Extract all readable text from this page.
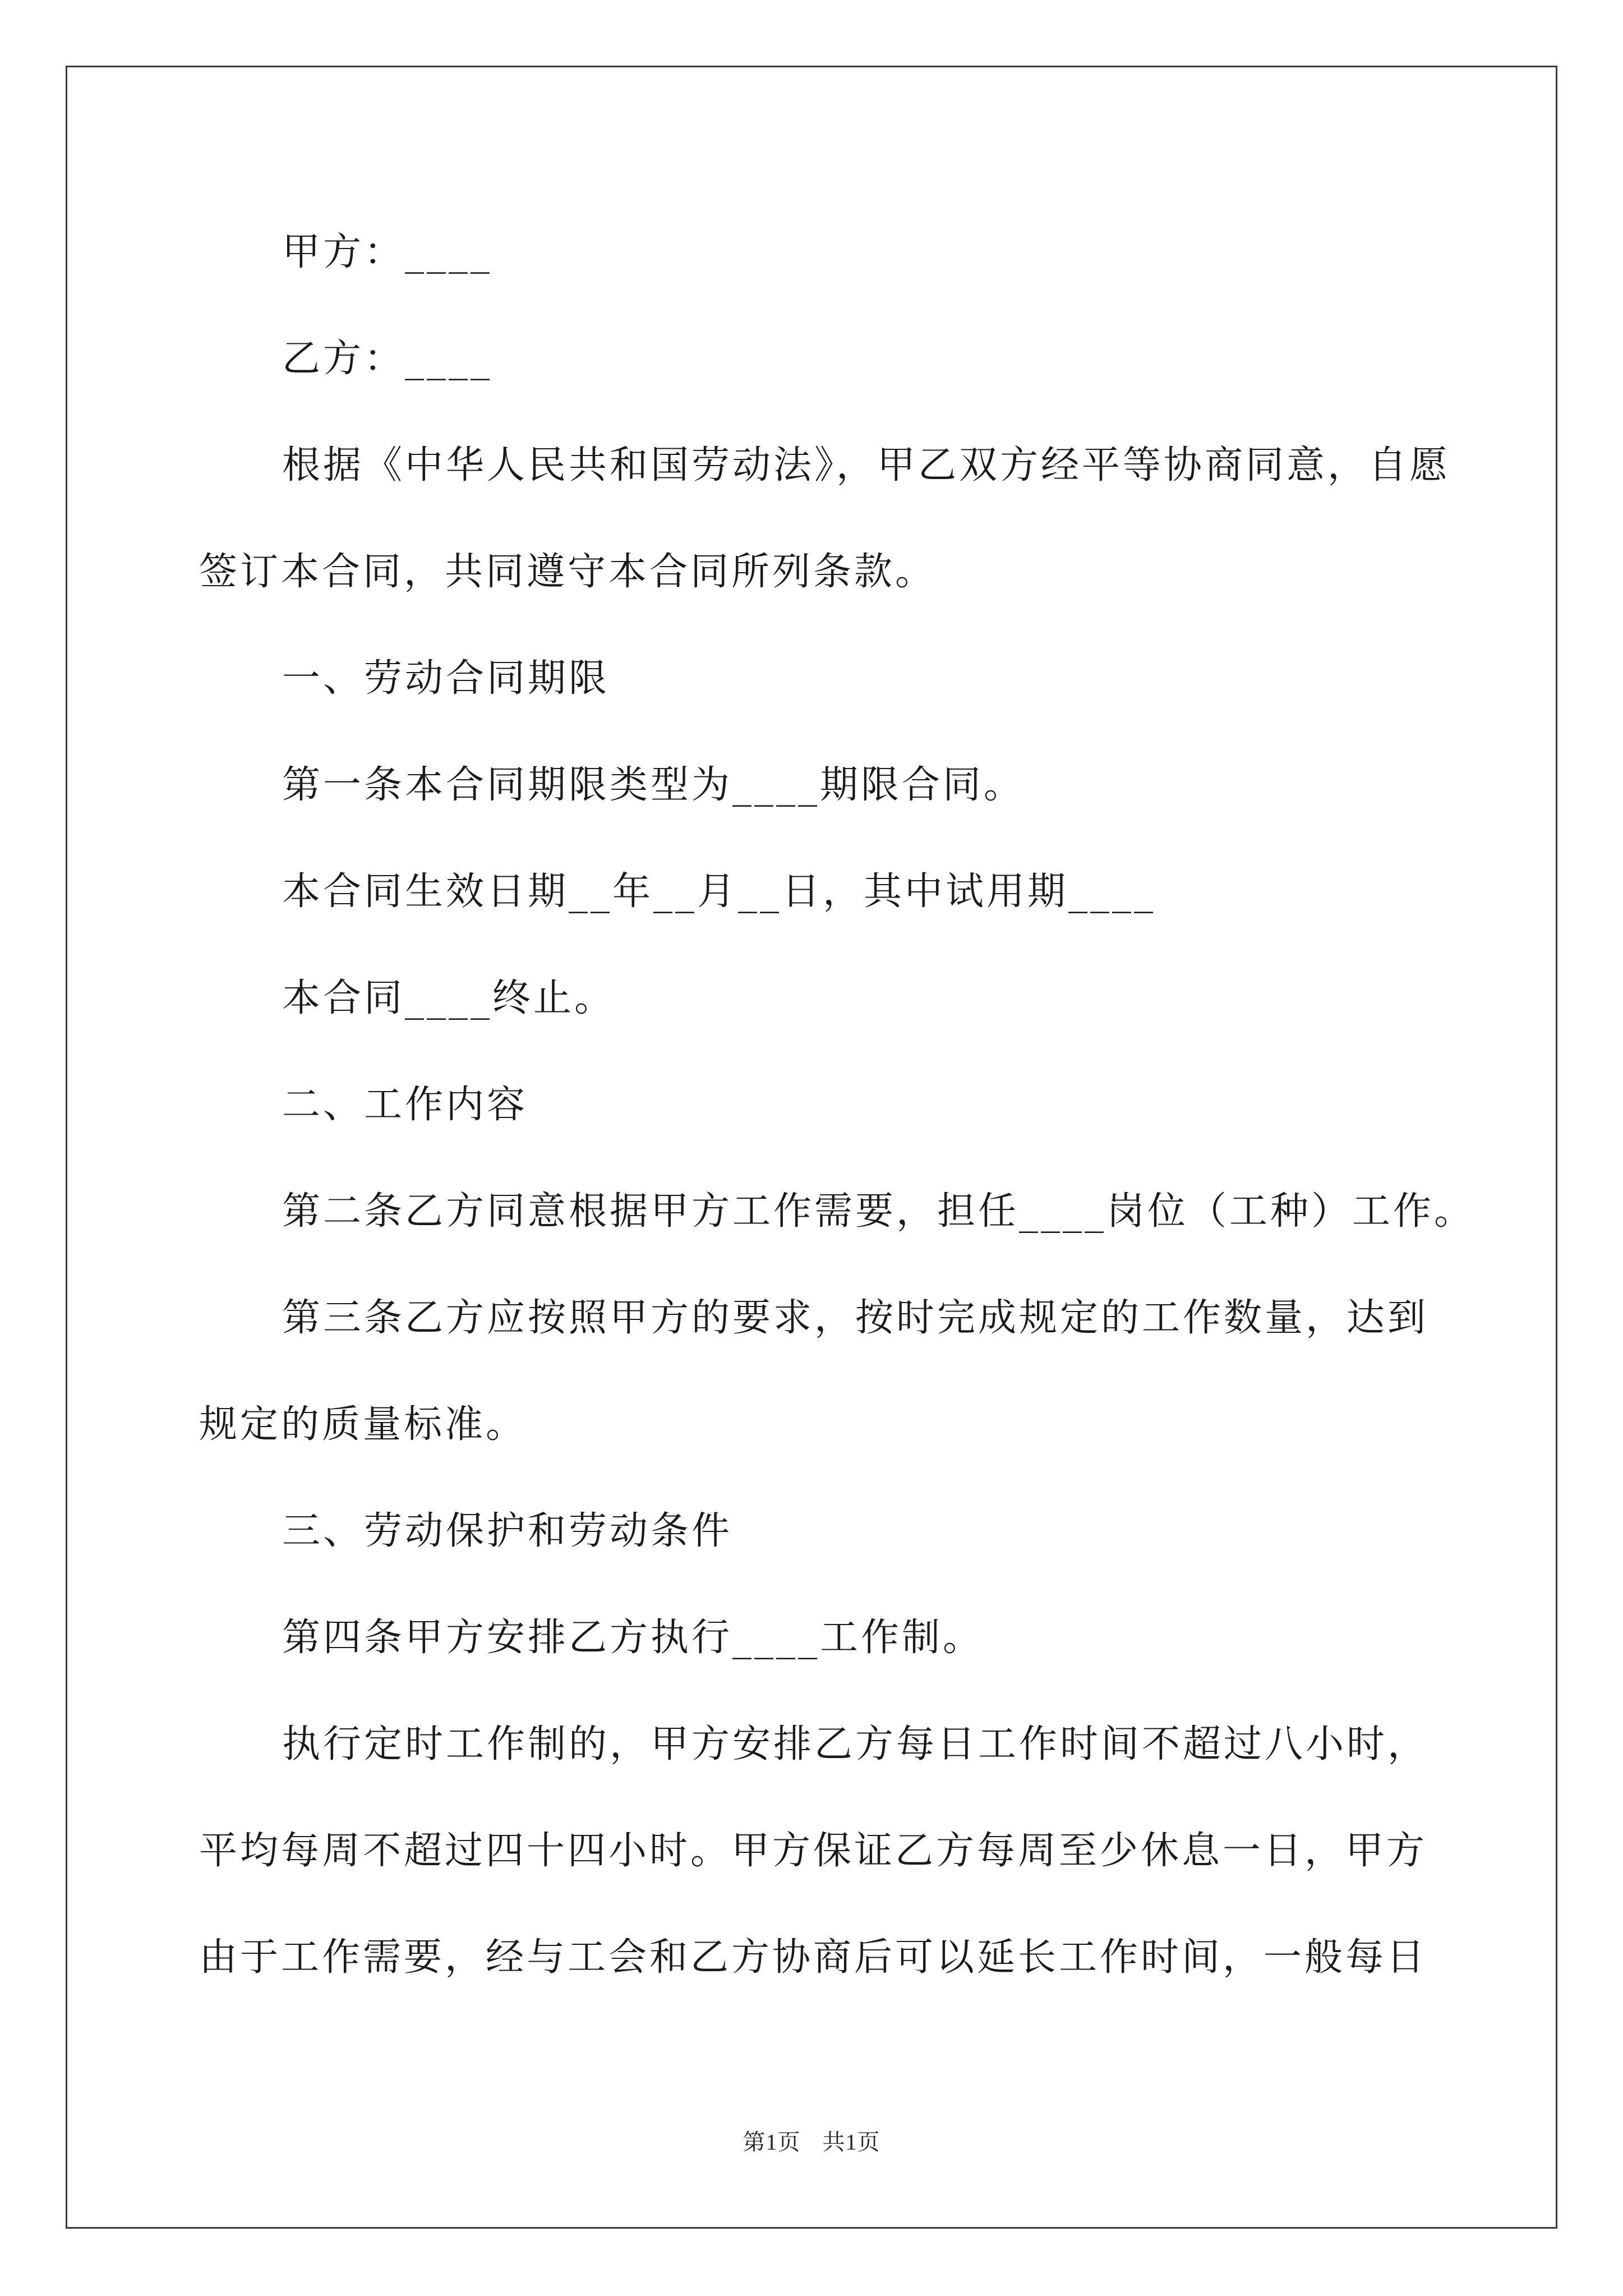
甲方：____
乙方：____
根据《中华人民共和国劳动法》，甲乙双方经平等协商同意，自愿
签订本合同，共同遵守本合同所列条款。
一、劳动合同期限
第一条本合同期限类型为____期限合同。
本合同生效日期__年__月__日，其中试用期____
本合同____终止。
二、工作内容
第二条乙方同意根据甲方工作需要，担任____岗位（工种）工作。
第三条乙方应按照甲方的要求，按时完成规定的工作数量，达到
规定的质量标准。
三、劳动保护和劳动条件
第四条甲方安排乙方执行____工作制。
执行定时工作制的，甲方安排乙方每日工作时间不超过八小时，
平均每周不超过四十四小时。甲方保证乙方每周至少休息一日，甲方
由于工作需要，经与工会和乙方协商后可以延长工作时间，一般每日
第1页 共1页
